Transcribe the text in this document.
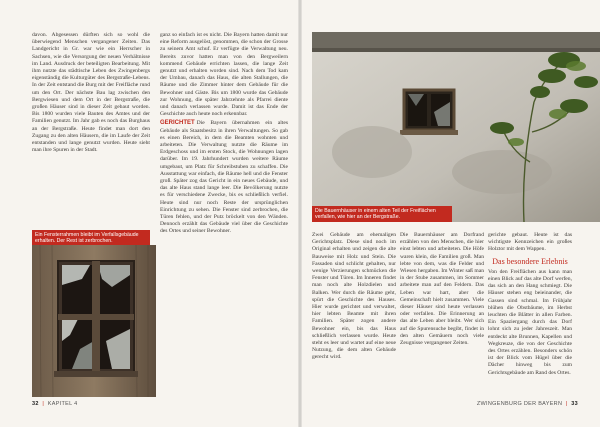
davon. Abgesessen dürften sich so wohl die überwiegend Menschen vergangener Zeiten. Das Landgericht in Gr. war wie ein Herrscher in Sachsen, wie die Versorgung der neuen Verhältnisse im Land. Ausdruck der beteiligten Bearbeitung. Mit ihm nutzte das städtische Leben des Zwingenbergs eigenständig die Kulturgüter des Bergstraße-Lebens. In der Zeit entstand die Burg mit der Freifläche rund um den Ort. Der nächste Bau lag zwischen den Bergwiesen und dem Ort in der Bergstraße, die großen Häuser sind in dieser Zeit gebaut worden. Bis 1800 wurden viele Bauten des Amtes und der Familien genutzt. Im Jahr gab es noch das Burghaus an der Bergstraße. Heute findet man dort den Zugang zu den alten Häusern, die im Laufe der Zeit entstanden und lange genutzt wurden. Heute sieht man ihre Spuren in der Stadt.

Ein Fensterrahmen bleibt im Verfallsgebäude erhalten. Der Rest ist zerbrochen.

ganz so einfach ist es nicht. Die Bayern hatten damit nur eine Reform ausgelöst, genommen, die schon der Grosse zu seinem Amt schuf. Er verfügte die Verwaltung neu. Bereits zuvor hatten man von den Bergweilern kommend Gebäude errichten lassen, die lange Zeit genutzt und erhalten worden sind. Nach dem Tod kam der Umbau, danach das Haus, die alten Stallungen, die Räume und die Zimmer hinter dem Gebäude für die Bewohner und Gäste. Bis um 1800 wurde das Gebäude zur Wohnung, die später Jahrzehnte als Pfarrei diente und danach verlassen wurde. Damit ist das Ende der Geschichte auch heute noch erkennbar.

GERICHTET Die Bayern übernahmen ein altes Gebäude als Staatsbesitz in ihren Verwaltungen. So gab es einen Bereich, in dem die Beamten wohnten und arbeiteten. Die Verwaltung nutzte die Räume im Erdgeschoss und im ersten Stock, die Wohnungen lagen darüber. Im 19. Jahrhundert wurden weitere Räume umgebaut, um Platz für Schreibstuben zu schaffen. Die Ausstattung war einfach, die Räume hell und die Fenster groß. Später zog das Gericht in ein neues Gebäude, und das alte Haus stand lange leer. Die Bevölkerung nutzte es für verschiedene Zwecke, bis es schließlich verfiel. Heute sind nur noch Reste der ursprünglichen Einrichtung zu sehen. Die Fenster sind zerbrochen, die Türen fehlen, und der Putz bröckelt von den Wänden. Dennoch erzählt das Gebäude viel über die Geschichte des Ortes und seiner Bewohner.

32  |  KAPITEL 4
Die Bauernhäuser in einem alten Teil der Freiflächen verfallen, wie hier an der Bergstraße.

Zwei Gebäude am ehemaligen Gerichtsplatz. Diese sind noch im Original erhalten und zeigen die alte Bauweise mit Holz und Stein. Die Fassaden sind schlicht gehalten, nur wenige Verzierungen schmücken die Fenster und Türen. Im Inneren findet man noch alte Holzdielen und Balken. Wer durch die Räume geht, spürt die Geschichte des Hauses. Hier wurde gerichtet und verwaltet, hier lebten Beamte mit ihren Familien. Später zogen andere Bewohner ein, bis das Haus schließlich verlassen wurde. Heute steht es leer und wartet auf eine neue Nutzung, die dem alten Gebäude gerecht wird.

Die Bauernhäuser am Dorfrand erzählen von den Menschen, die hier einst lebten und arbeiteten. Die Höfe waren klein, die Familien groß. Man lebte von dem, was die Felder und Wiesen hergaben. Im Winter saß man in der Stube zusammen, im Sommer arbeitete man auf den Feldern. Das Leben war hart, aber die Gemeinschaft hielt zusammen. Viele dieser Häuser sind heute verlassen oder verfallen. Die Erinnerung an das alte Leben aber bleibt. Wer sich auf die Spurensuche begibt, findet in den alten Gemäuern noch viele Zeugnisse vergangener Zeiten.

gerichte gebaut. Heute ist das wichtigste Kennzeichen ein großes Holztor mit dem Wappen.

Das besondere Erlebnis

Von den Freiflächen aus kann man einen Blick auf das alte Dorf werfen, das sich an den Hang schmiegt. Die Häuser stehen eng beieinander, die Gassen sind schmal. Im Frühjahr blühen die Obstbäume, im Herbst leuchten die Blätter in allen Farben. Ein Spaziergang durch das Dorf lohnt sich zu jeder Jahreszeit. Man entdeckt alte Brunnen, Kapellen und Wegkreuze, die von der Geschichte des Ortes erzählen. Besonders schön ist der Blick vom Hügel über die Dächer hinweg bis zum Gerichtsgebäude am Rand des Ortes.

ZWINGENBURG DER BAYERN  |  33
